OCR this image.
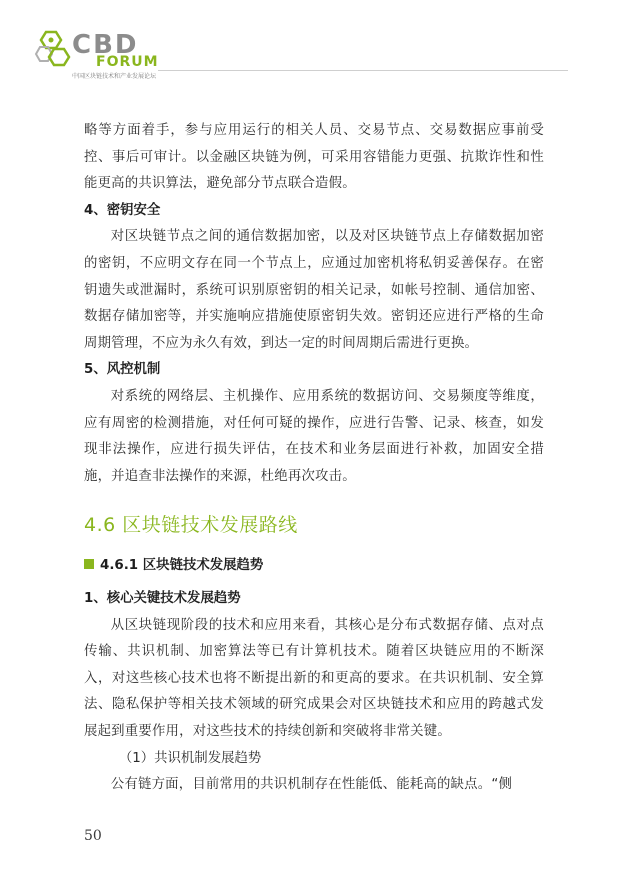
CBD
FORUM
中国区块链技术和产业发展论坛

略等方面着手，参与应用运行的相关人员、交易节点、交易数据应事前受控、事后可审计。以金融区块链为例，可采用容错能力更强、抗欺诈性和性能更高的共识算法，避免部分节点联合造假。

4、密钥安全

对区块链节点之间的通信数据加密，以及对区块链节点上存储数据加密的密钥，不应明文存在同一个节点上，应通过加密机将私钥妥善保存。在密钥遗失或泄漏时，系统可识别原密钥的相关记录，如帐号控制、通信加密、数据存储加密等，并实施响应措施使原密钥失效。密钥还应进行严格的生命周期管理，不应为永久有效，到达一定的时间周期后需进行更换。

5、风控机制

对系统的网络层、主机操作、应用系统的数据访问、交易频度等维度，应有周密的检测措施，对任何可疑的操作，应进行告警、记录、核查，如发现非法操作，应进行损失评估，在技术和业务层面进行补救，加固安全措施，并追查非法操作的来源，杜绝再次攻击。

4.6 区块链技术发展路线
4.6.1 区块链技术发展趋势

1、核心关键技术发展趋势

从区块链现阶段的技术和应用来看，其核心是分布式数据存储、点对点传输、共识机制、加密算法等已有计算机技术。随着区块链应用的不断深入，对这些核心技术也将不断提出新的和更高的要求。在共识机制、安全算法、隐私保护等相关技术领域的研究成果会对区块链技术和应用的跨越式发展起到重要作用，对这些技术的持续创新和突破将非常关键。

（1）共识机制发展趋势

公有链方面，目前常用的共识机制存在性能低、能耗高的缺点。“侧

50
